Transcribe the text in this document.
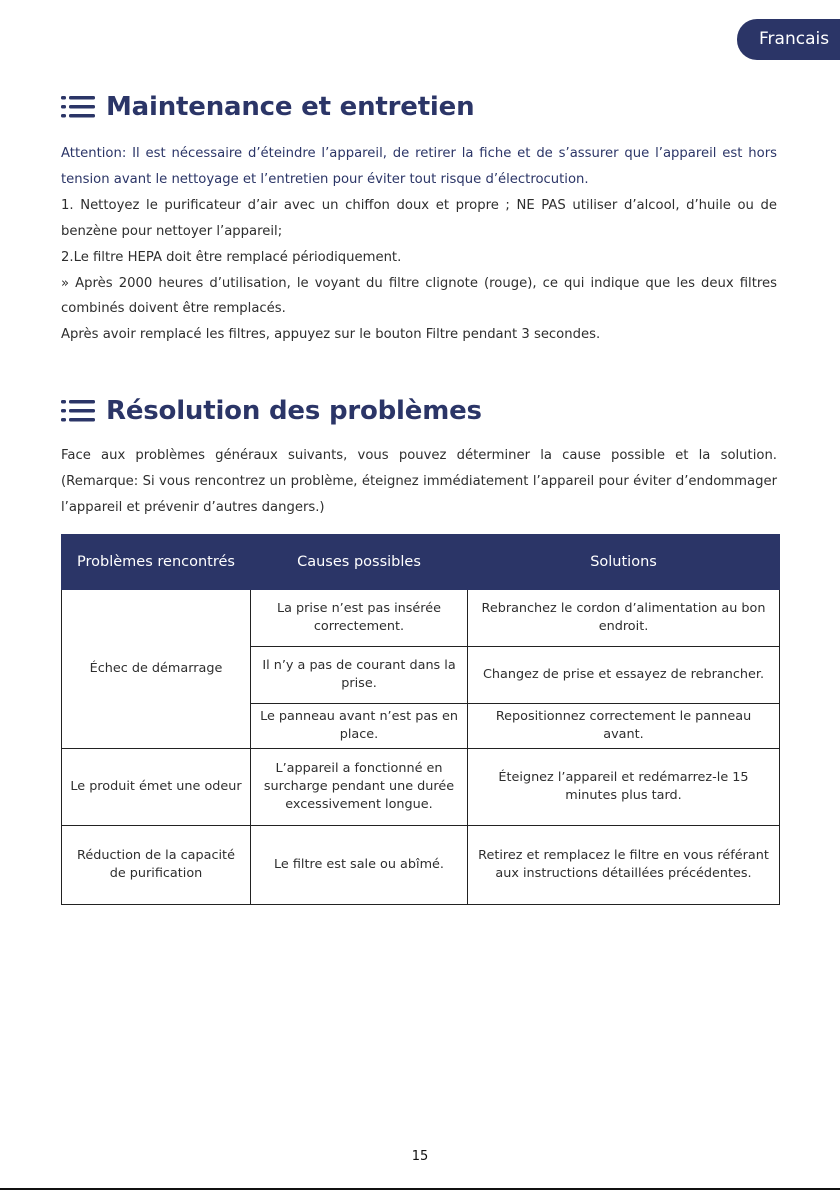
Francais
Maintenance et entretien

Attention: Il est nécessaire d’éteindre l’appareil, de retirer la fiche et de s’assurer que l’appareil est hors tension avant le nettoyage et l’entretien pour éviter tout risque d’électrocution.

1. Nettoyez le purificateur d’air avec un chiffon doux et propre ; NE PAS utiliser d’alcool, d’huile ou de benzène pour nettoyer l’appareil;

2.Le filtre HEPA doit être remplacé périodiquement.

» Après 2000 heures d’utilisation, le voyant du filtre clignote (rouge), ce qui indique que les deux filtres combinés doivent être remplacés.

Après avoir remplacé les filtres, appuyez sur le bouton Filtre pendant 3 secondes.

Résolution des problèmes

Face aux problèmes généraux suivants, vous pouvez déterminer la cause possible et la solution. (Remarque: Si vous rencontrez un problème, éteignez immédiatement l’appareil pour éviter d’endommager l’appareil et prévenir d’autres dangers.)

Problèmes rencontrés	Causes possibles	Solutions
Échec de démarrage	La prise n’est pas insérée correctement.	Rebranchez le cordon d’alimentation au bon endroit.
	Il n’y a pas de courant dans la prise.	Changez de prise et essayez de rebrancher.
	Le panneau avant n’est pas en place.	Repositionnez correctement le panneau avant.
Le produit émet une odeur	L’appareil a fonctionné en surcharge pendant une durée excessivement longue.	Éteignez l’appareil et redémarrez-le 15 minutes plus tard.
Réduction de la capacité de purification	Le filtre est sale ou abîmé.	Retirez et remplacez le filtre en vous référant aux instructions détaillées précédentes.
15
